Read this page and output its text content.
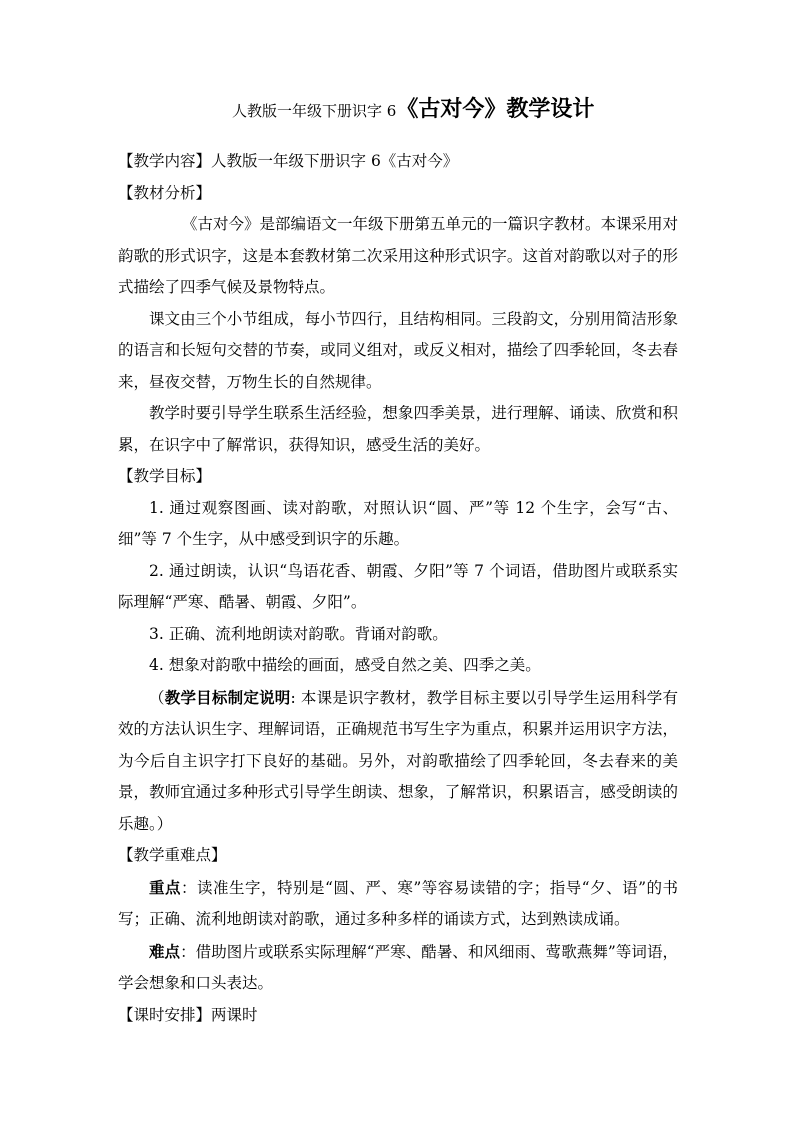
人教版一年级下册识字 6《古对今》教学设计

【教学内容】人教版一年级下册识字 6《古对今》

【教材分析】

《古对今》是部编语文一年级下册第五单元的一篇识字教材。本课采用对韵歌的形式识字，这是本套教材第二次采用这种形式识字。这首对韵歌以对子的形式描绘了四季气候及景物特点。

课文由三个小节组成，每小节四行，且结构相同。三段韵文，分别用简洁形象的语言和长短句交替的节奏，或同义组对，或反义相对，描绘了四季轮回，冬去春来，昼夜交替，万物生长的自然规律。

教学时要引导学生联系生活经验，想象四季美景，进行理解、诵读、欣赏和积累，在识字中了解常识，获得知识，感受生活的美好。

【教学目标】

1. 通过观察图画、读对韵歌，对照认识“圆、严”等 12 个生字，会写“古、细”等 7 个生字，从中感受到识字的乐趣。

2. 通过朗读，认识“鸟语花香、朝霞、夕阳”等 7 个词语，借助图片或联系实际理解“严寒、酷暑、朝霞、夕阳”。

3. 正确、流利地朗读对韵歌。背诵对韵歌。

4. 想象对韵歌中描绘的画面，感受自然之美、四季之美。

（教学目标制定说明: 本课是识字教材，教学目标主要以引导学生运用科学有效的方法认识生字、理解词语，正确规范书写生字为重点，积累并运用识字方法，为今后自主识字打下良好的基础。另外，对韵歌描绘了四季轮回，冬去春来的美景，教师宜通过多种形式引导学生朗读、想象，了解常识，积累语言，感受朗读的乐趣。）

【教学重难点】

重点：读准生字，特别是“圆、严、寒”等容易读错的字；指导“夕、语”的书写；正确、流利地朗读对韵歌，通过多种多样的诵读方式，达到熟读成诵。

难点：借助图片或联系实际理解“严寒、酷暑、和风细雨、莺歌燕舞”等词语，学会想象和口头表达。

【课时安排】两课时
